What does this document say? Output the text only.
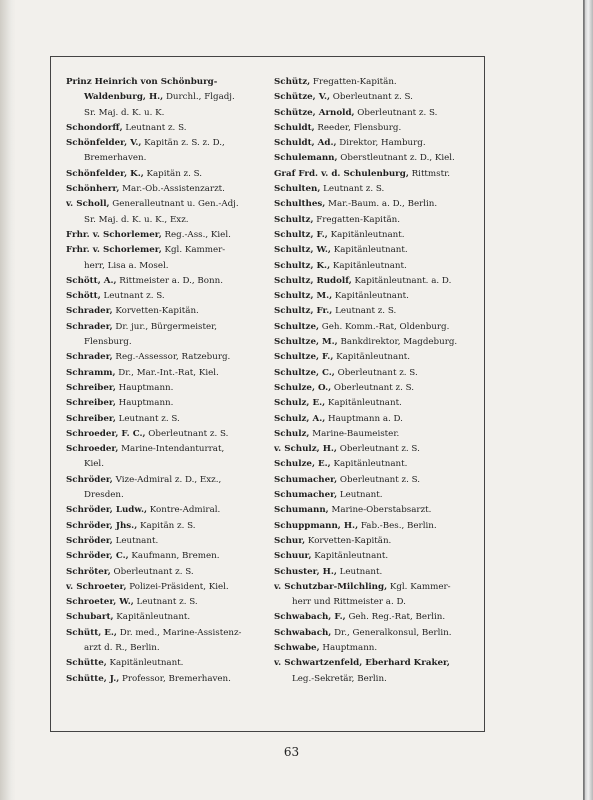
Prinz Heinrich von Schönburg-
Waldenburg, H., Durchl., Flgadj.
Sr. Maj. d. K. u. K.
Schondorff, Leutnant z. S.
Schönfelder, V., Kapitän z. S. z. D.,
Bremerhaven.
Schönfelder, K., Kapitän z. S.
Schönherr, Mar.-Ob.-Assistenzarzt.
v. Scholl, Generalleutnant u. Gen.-Adj.
Sr. Maj. d. K. u. K., Exz.
Frhr. v. Schorlemer, Reg.-Ass., Kiel.
Frhr. v. Schorlemer, Kgl. Kammer-
herr, Lisa a. Mosel.
Schött, A., Rittmeister a. D., Bonn.
Schött, Leutnant z. S.
Schrader, Korvetten-Kapitän.
Schrader, Dr. jur., Bürgermeister,
Flensburg.
Schrader, Reg.-Assessor, Ratzeburg.
Schramm, Dr., Mar.-Int.-Rat, Kiel.
Schreiber, Hauptmann.
Schreiber, Hauptmann.
Schreiber, Leutnant z. S.
Schroeder, F. C., Oberleutnant z. S.
Schroeder, Marine-Intendanturrat,
Kiel.
Schröder, Vize-Admiral z. D., Exz.,
Dresden.
Schröder, Ludw., Kontre-Admiral.
Schröder, Jhs., Kapitän z. S.
Schröder, Leutnant.
Schröder, C., Kaufmann, Bremen.
Schröter, Oberleutnant z. S.
v. Schroeter, Polizei-Präsident, Kiel.
Schroeter, W., Leutnant z. S.
Schubart, Kapitänleutnant.
Schütt, E., Dr. med., Marine-Assistenz-
arzt d. R., Berlin.
Schütte, Kapitänleutnant.
Schütte, J., Professor, Bremerhaven.
Schütz, Fregatten-Kapitän.
Schütze, V., Oberleutnant z. S.
Schütze, Arnold, Oberleutnant z. S.
Schuldt, Reeder, Flensburg.
Schuldt, Ad., Direktor, Hamburg.
Schulemann, Oberstleutnant z. D., Kiel.
Graf Frd. v. d. Schulenburg, Rittmstr.
Schulten, Leutnant z. S.
Schulthes, Mar.-Baum. a. D., Berlin.
Schultz, Fregatten-Kapitän.
Schultz, F., Kapitänleutnant.
Schultz, W., Kapitänleutnant.
Schultz, K., Kapitänleutnant.
Schultz, Rudolf, Kapitänleutnant. a. D.
Schultz, M., Kapitänleutnant.
Schultz, Fr., Leutnant z. S.
Schultze, Geh. Komm.-Rat, Oldenburg.
Schultze, M., Bankdirektor, Magdeburg.
Schultze, F., Kapitänleutnant.
Schultze, C., Oberleutnant z. S.
Schulze, O., Oberleutnant z. S.
Schulz, E., Kapitänleutnant.
Schulz, A., Hauptmann a. D.
Schulz, Marine-Baumeister.
v. Schulz, H., Oberleutnant z. S.
Schulze, E., Kapitänleutnant.
Schumacher, Oberleutnant z. S.
Schumacher, Leutnant.
Schumann, Marine-Oberstabsarzt.
Schuppmann, H., Fab.-Bes., Berlin.
Schur, Korvetten-Kapitän.
Schuur, Kapitänleutnant.
Schuster, H., Leutnant.
v. Schutzbar-Milchling, Kgl. Kammer-
herr und Rittmeister a. D.
Schwabach, F., Geh. Reg.-Rat, Berlin.
Schwabach, Dr., Generalkonsul, Berlin.
Schwabe, Hauptmann.
v. Schwartzenfeld, Eberhard Kraker,
Leg.-Sekretär, Berlin.
63
